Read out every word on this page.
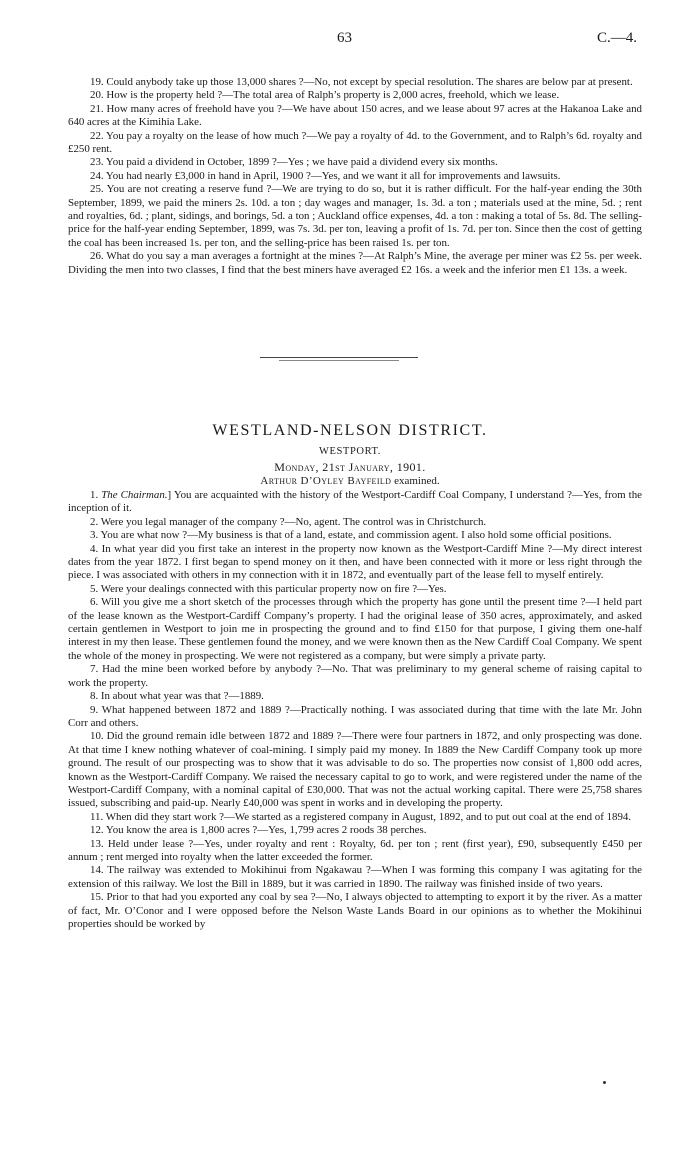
63	C.—4.

19. Could anybody take up those 13,000 shares ?—No, not except by special resolution. The shares are below par at present.

20. How is the property held ?—The total area of Ralph’s property is 2,000 acres, freehold, which we lease.

21. How many acres of freehold have you ?—We have about 150 acres, and we lease about 97 acres at the Hakanoa Lake and 640 acres at the Kimihia Lake.

22. You pay a royalty on the lease of how much ?—We pay a royalty of 4d. to the Government, and to Ralph’s 6d. royalty and £250 rent.

23. You paid a dividend in October, 1899 ?—Yes ; we have paid a dividend every six months.

24. You had nearly £3,000 in hand in April, 1900 ?—Yes, and we want it all for improvements and lawsuits.

25. You are not creating a reserve fund ?—We are trying to do so, but it is rather difficult. For the half-year ending the 30th September, 1899, we paid the miners 2s. 10d. a ton ; day wages and manager, 1s. 3d. a ton ; materials used at the mine, 5d. ; rent and royalties, 6d. ; plant, sidings, and borings, 5d. a ton ; Auckland office expenses, 4d. a ton : making a total of 5s. 8d. The selling-price for the half-year ending September, 1899, was 7s. 3d. per ton, leaving a profit of 1s. 7d. per ton. Since then the cost of getting the coal has been increased 1s. per ton, and the selling-price has been raised 1s. per ton.

26. What do you say a man averages a fortnight at the mines ?—At Ralph’s Mine, the average per miner was £2 5s. per week. Dividing the men into two classes, I find that the best miners have averaged £2 16s. a week and the inferior men £1 13s. a week.

WESTLAND-NELSON DISTRICT.
WESTPORT.
Monday, 21st January, 1901.
Arthur D’Oyley Bayfeild examined.

1. The Chairman.] You are acquainted with the history of the Westport-Cardiff Coal Company, I understand ?—Yes, from the inception of it.

2. Were you legal manager of the company ?—No, agent. The control was in Christchurch.

3. You are what now ?—My business is that of a land, estate, and commission agent. I also hold some official positions.

4. In what year did you first take an interest in the property now known as the Westport-Cardiff Mine ?—My direct interest dates from the year 1872. I first began to spend money on it then, and have been connected with it more or less right through the piece. I was associated with others in my connection with it in 1872, and eventually part of the lease fell to myself entirely.

5. Were your dealings connected with this particular property now on fire ?—Yes.

6. Will you give me a short sketch of the processes through which the property has gone until the present time ?—I held part of the lease known as the Westport-Cardiff Company’s property. I had the original lease of 350 acres, approximately, and asked certain gentlemen in Westport to join me in prospecting the ground and to find £150 for that purpose, I giving them one-half interest in my then lease. These gentlemen found the money, and we were known then as the New Cardiff Coal Company. We spent the whole of the money in prospecting. We were not registered as a company, but were simply a private party.

7. Had the mine been worked before by anybody ?—No. That was preliminary to my general scheme of raising capital to work the property.

8. In about what year was that ?—1889.

9. What happened between 1872 and 1889 ?—Practically nothing. I was associated during that time with the late Mr. John Corr and others.

10. Did the ground remain idle between 1872 and 1889 ?—There were four partners in 1872, and only prospecting was done. At that time I knew nothing whatever of coal-mining. I simply paid my money. In 1889 the New Cardiff Company took up more ground. The result of our prospecting was to show that it was advisable to do so. The properties now consist of 1,800 odd acres, known as the Westport-Cardiff Company. We raised the necessary capital to go to work, and were registered under the name of the Westport-Cardiff Company, with a nominal capital of £30,000. That was not the actual working capital. There were 25,758 shares issued, subscribing and paid-up. Nearly £40,000 was spent in works and in developing the property.

11. When did they start work ?—We started as a registered company in August, 1892, and to put out coal at the end of 1894.

12. You know the area is 1,800 acres ?—Yes, 1,799 acres 2 roods 38 perches.

13. Held under lease ?—Yes, under royalty and rent : Royalty, 6d. per ton ; rent (first year), £90, subsequently £450 per annum ; rent merged into royalty when the latter exceeded the former.

14. The railway was extended to Mokihinui from Ngakawau ?—When I was forming this company I was agitating for the extension of this railway. We lost the Bill in 1889, but it was carried in 1890. The railway was finished inside of two years.

15. Prior to that had you exported any coal by sea ?—No, I always objected to attempting to export it by the river. As a matter of fact, Mr. O’Conor and I were opposed before the Nelson Waste Lands Board in our opinions as to whether the Mokihinui properties should be worked by
